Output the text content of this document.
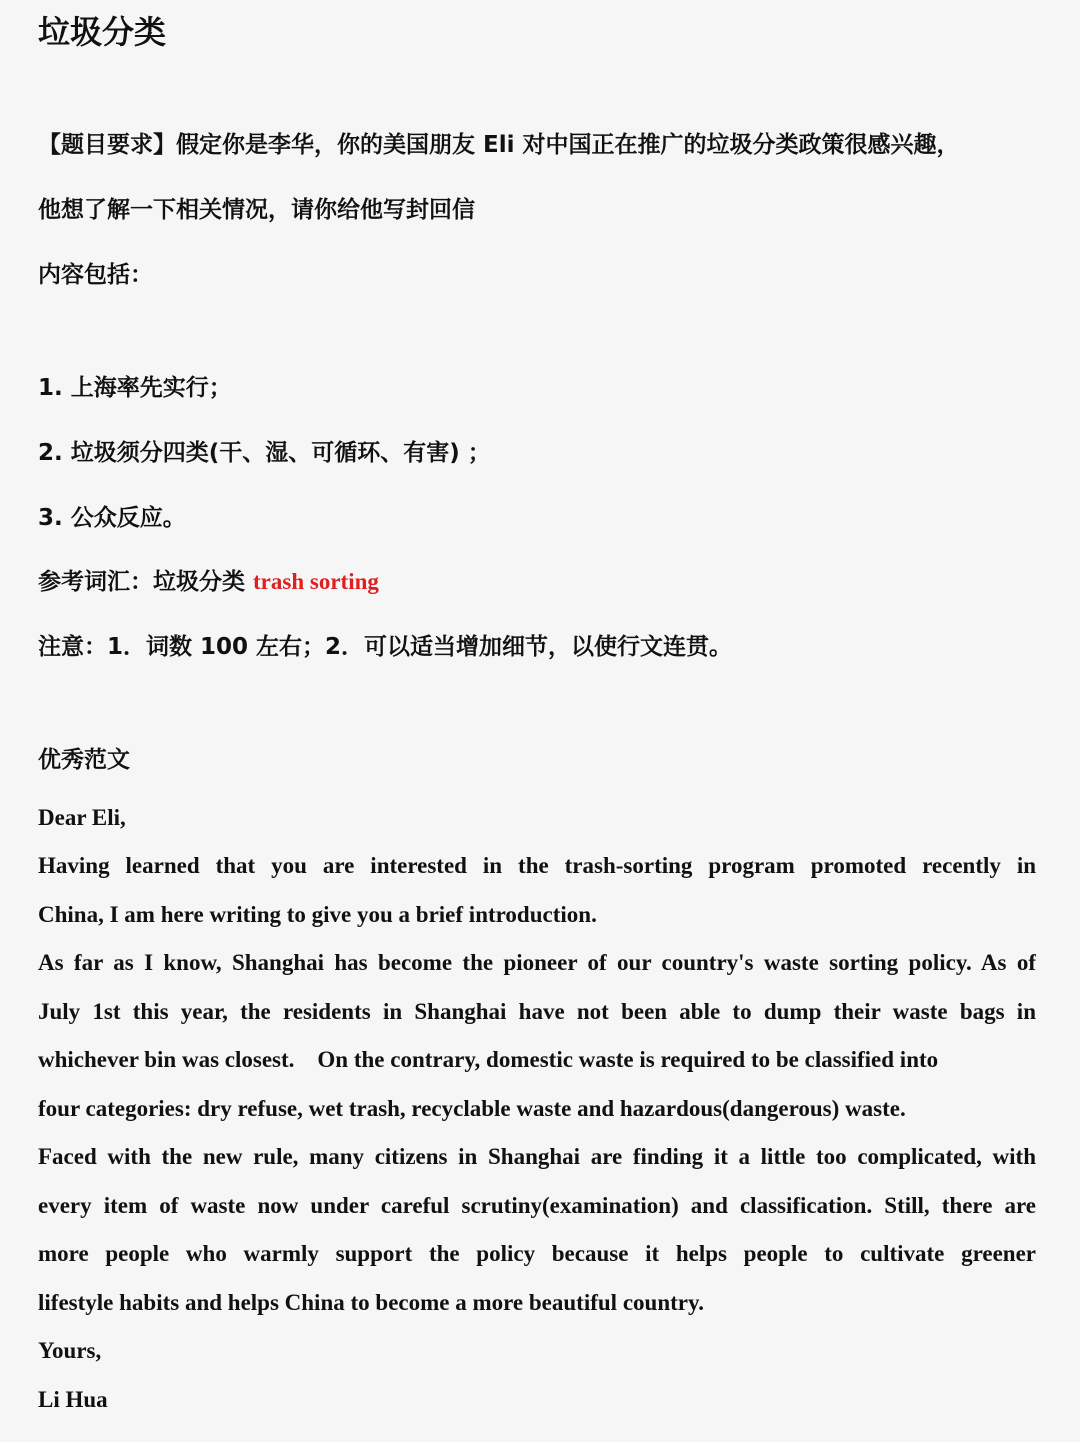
垃圾分类
【题目要求】假定你是李华，你的美国朋友 Eli 对中国正在推广的垃圾分类政策很感兴趣，
他想了解一下相关情况，请你给他写封回信
内容包括：
1. 上海率先实行；
2. 垃圾须分四类(干、湿、可循环、有害) ；
3. 公众反应。
参考词汇：垃圾分类 trash sorting
注意：1．词数 100 左右；2．可以适当增加细节，以使行文连贯。
优秀范文
Dear Eli,
Having learned that you are interested in the trash-sorting program promoted recently in
China, I am here writing to give you a brief introduction.
As far as I know, Shanghai has become the pioneer of our country's waste sorting policy. As of
July 1st this year, the residents in Shanghai have not been able to dump their waste bags in
whichever bin was closest.    On the contrary, domestic waste is required to be classified into
four categories: dry refuse, wet trash, recyclable waste and hazardous(dangerous) waste.
Faced with the new rule, many citizens in Shanghai are finding it a little too complicated, with
every item of waste now under careful scrutiny(examination) and classification. Still, there are
more people who warmly support the policy because it helps people to cultivate greener
lifestyle habits and helps China to become a more beautiful country.
Yours,
Li Hua
